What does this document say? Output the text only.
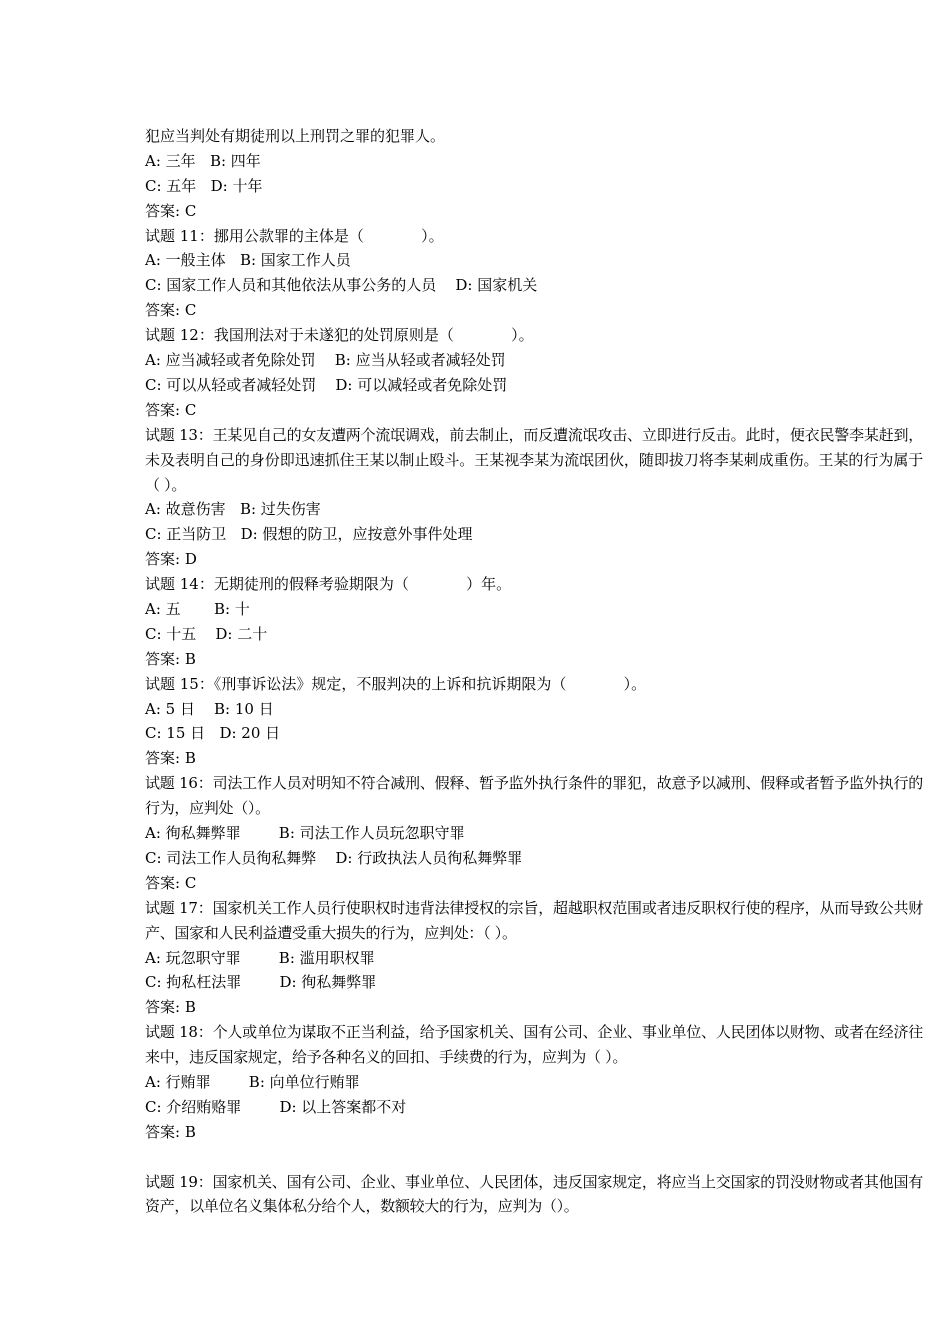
犯应当判处有期徒刑以上刑罚之罪的犯罪人。
A: 三年   B: 四年
C: 五年   D: 十年
答案: C
试题 11：挪用公款罪的主体是（            ）。
A: 一般主体   B: 国家工作人员
C: 国家工作人员和其他依法从事公务的人员    D: 国家机关
答案: C
试题 12：我国刑法对于未遂犯的处罚原则是（            ）。
A: 应当减轻或者免除处罚    B: 应当从轻或者减轻处罚
C: 可以从轻或者减轻处罚    D: 可以减轻或者免除处罚
答案: C
试题 13：王某见自己的女友遭两个流氓调戏，前去制止，而反遭流氓攻击、立即进行反击。此时，便衣民警李某赶到，未及表明自己的身份即迅速抓住王某以制止殴斗。王某视李某为流氓团伙，随即拔刀将李某刺成重伤。王某的行为属于（ ）。
A: 故意伤害   B: 过失伤害
C: 正当防卫   D: 假想的防卫，应按意外事件处理
答案: D
试题 14：无期徒刑的假释考验期限为（            ）年。
A: 五       B: 十
C: 十五    D: 二十
答案: B
试题 15：《刑事诉讼法》规定，不服判决的上诉和抗诉期限为（            ）。
A: 5 日    B: 10 日
C: 15 日   D: 20 日
答案: B
试题 16：司法工作人员对明知不符合减刑、假释、暂予监外执行条件的罪犯，故意予以减刑、假释或者暂予监外执行的行为，应判处（）。
A: 徇私舞弊罪        B: 司法工作人员玩忽职守罪
C: 司法工作人员徇私舞弊    D: 行政执法人员徇私舞弊罪
答案: C
试题 17：国家机关工作人员行使职权时违背法律授权的宗旨，超越职权范围或者违反职权行使的程序，从而导致公共财产、国家和人民利益遭受重大损失的行为，应判处：（ ）。
A: 玩忽职守罪        B: 滥用职权罪
C: 拘私枉法罪        D: 徇私舞弊罪
答案: B
试题 18：个人或单位为谋取不正当利益，给予国家机关、国有公司、企业、事业单位、人民团体以财物、或者在经济往来中，违反国家规定，给予各种名义的回扣、手续费的行为，应判为（ ）。
A: 行贿罪        B: 向单位行贿罪
C: 介绍贿赂罪        D: 以上答案都不对
答案: B
试题 19：国家机关、国有公司、企业、事业单位、人民团体，违反国家规定，将应当上交国家的罚没财物或者其他国有资产，以单位名义集体私分给个人，数额较大的行为，应判为（）。
